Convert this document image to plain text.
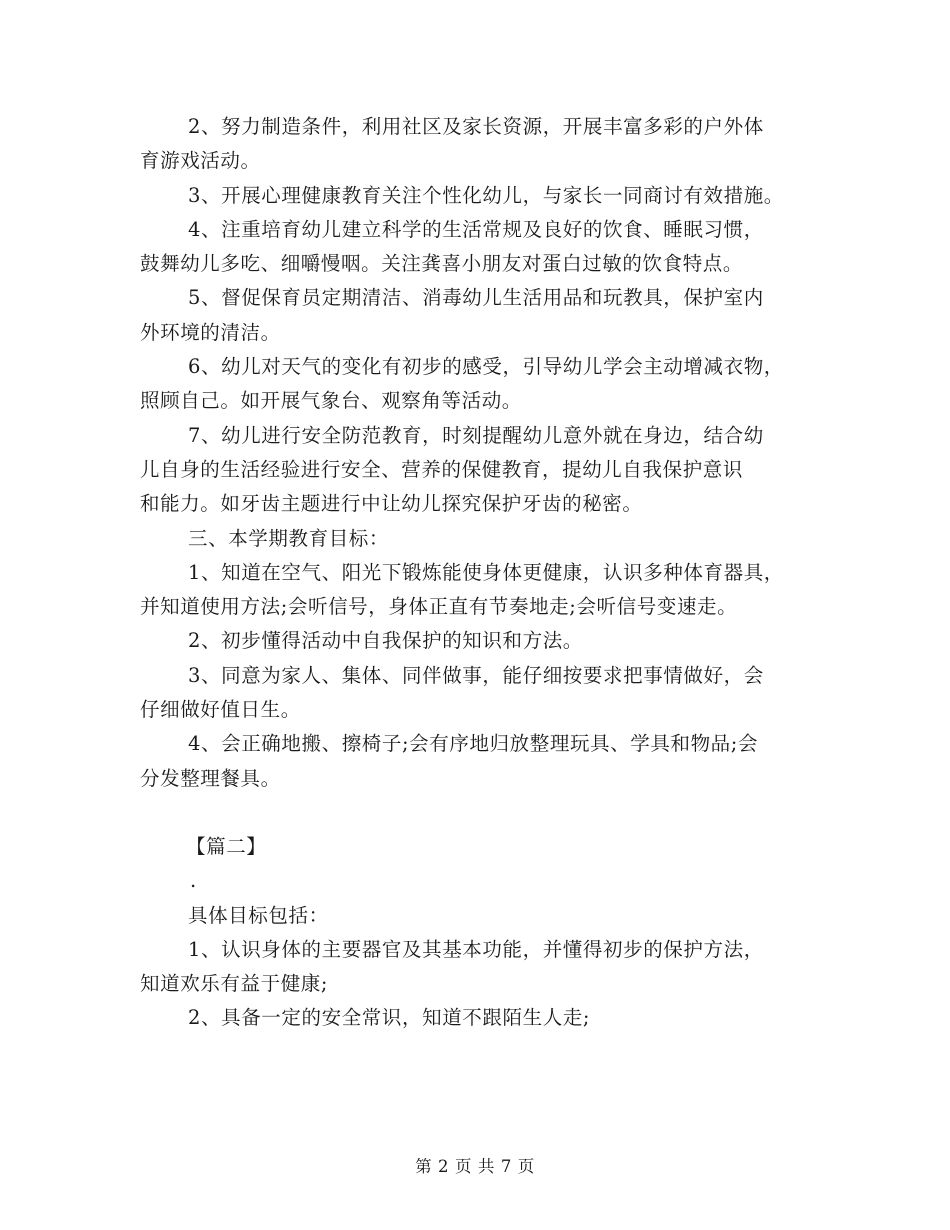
2、努力制造条件，利用社区及家长资源，开展丰富多彩的户外体
育游戏活动。
3、开展心理健康教育关注个性化幼儿，与家长一同商讨有效措施。
4、注重培育幼儿建立科学的生活常规及良好的饮食、睡眠习惯，
鼓舞幼儿多吃、细嚼慢咽。关注龚喜小朋友对蛋白过敏的饮食特点。
5、督促保育员定期清洁、消毒幼儿生活用品和玩教具，保护室内
外环境的清洁。
6、幼儿对天气的变化有初步的感受，引导幼儿学会主动增减衣物，
照顾自己。如开展气象台、观察角等活动。
7、幼儿进行安全防范教育，时刻提醒幼儿意外就在身边，结合幼
儿自身的生活经验进行安全、营养的保健教育，提幼儿自我保护意识
和能力。如牙齿主题进行中让幼儿探究保护牙齿的秘密。
三、本学期教育目标：
1、知道在空气、阳光下锻炼能使身体更健康，认识多种体育器具，
并知道使用方法;会听信号，身体正直有节奏地走;会听信号变速走。
2、初步懂得活动中自我保护的知识和方法。
3、同意为家人、集体、同伴做事，能仔细按要求把事情做好，会
仔细做好值日生。
4、会正确地搬、擦椅子;会有序地归放整理玩具、学具和物品;会
分发整理餐具。
【篇二】
.
具体目标包括：
1、认识身体的主要器官及其基本功能，并懂得初步的保护方法，
知道欢乐有益于健康;
2、具备一定的安全常识，知道不跟陌生人走;
第 2 页 共 7 页
